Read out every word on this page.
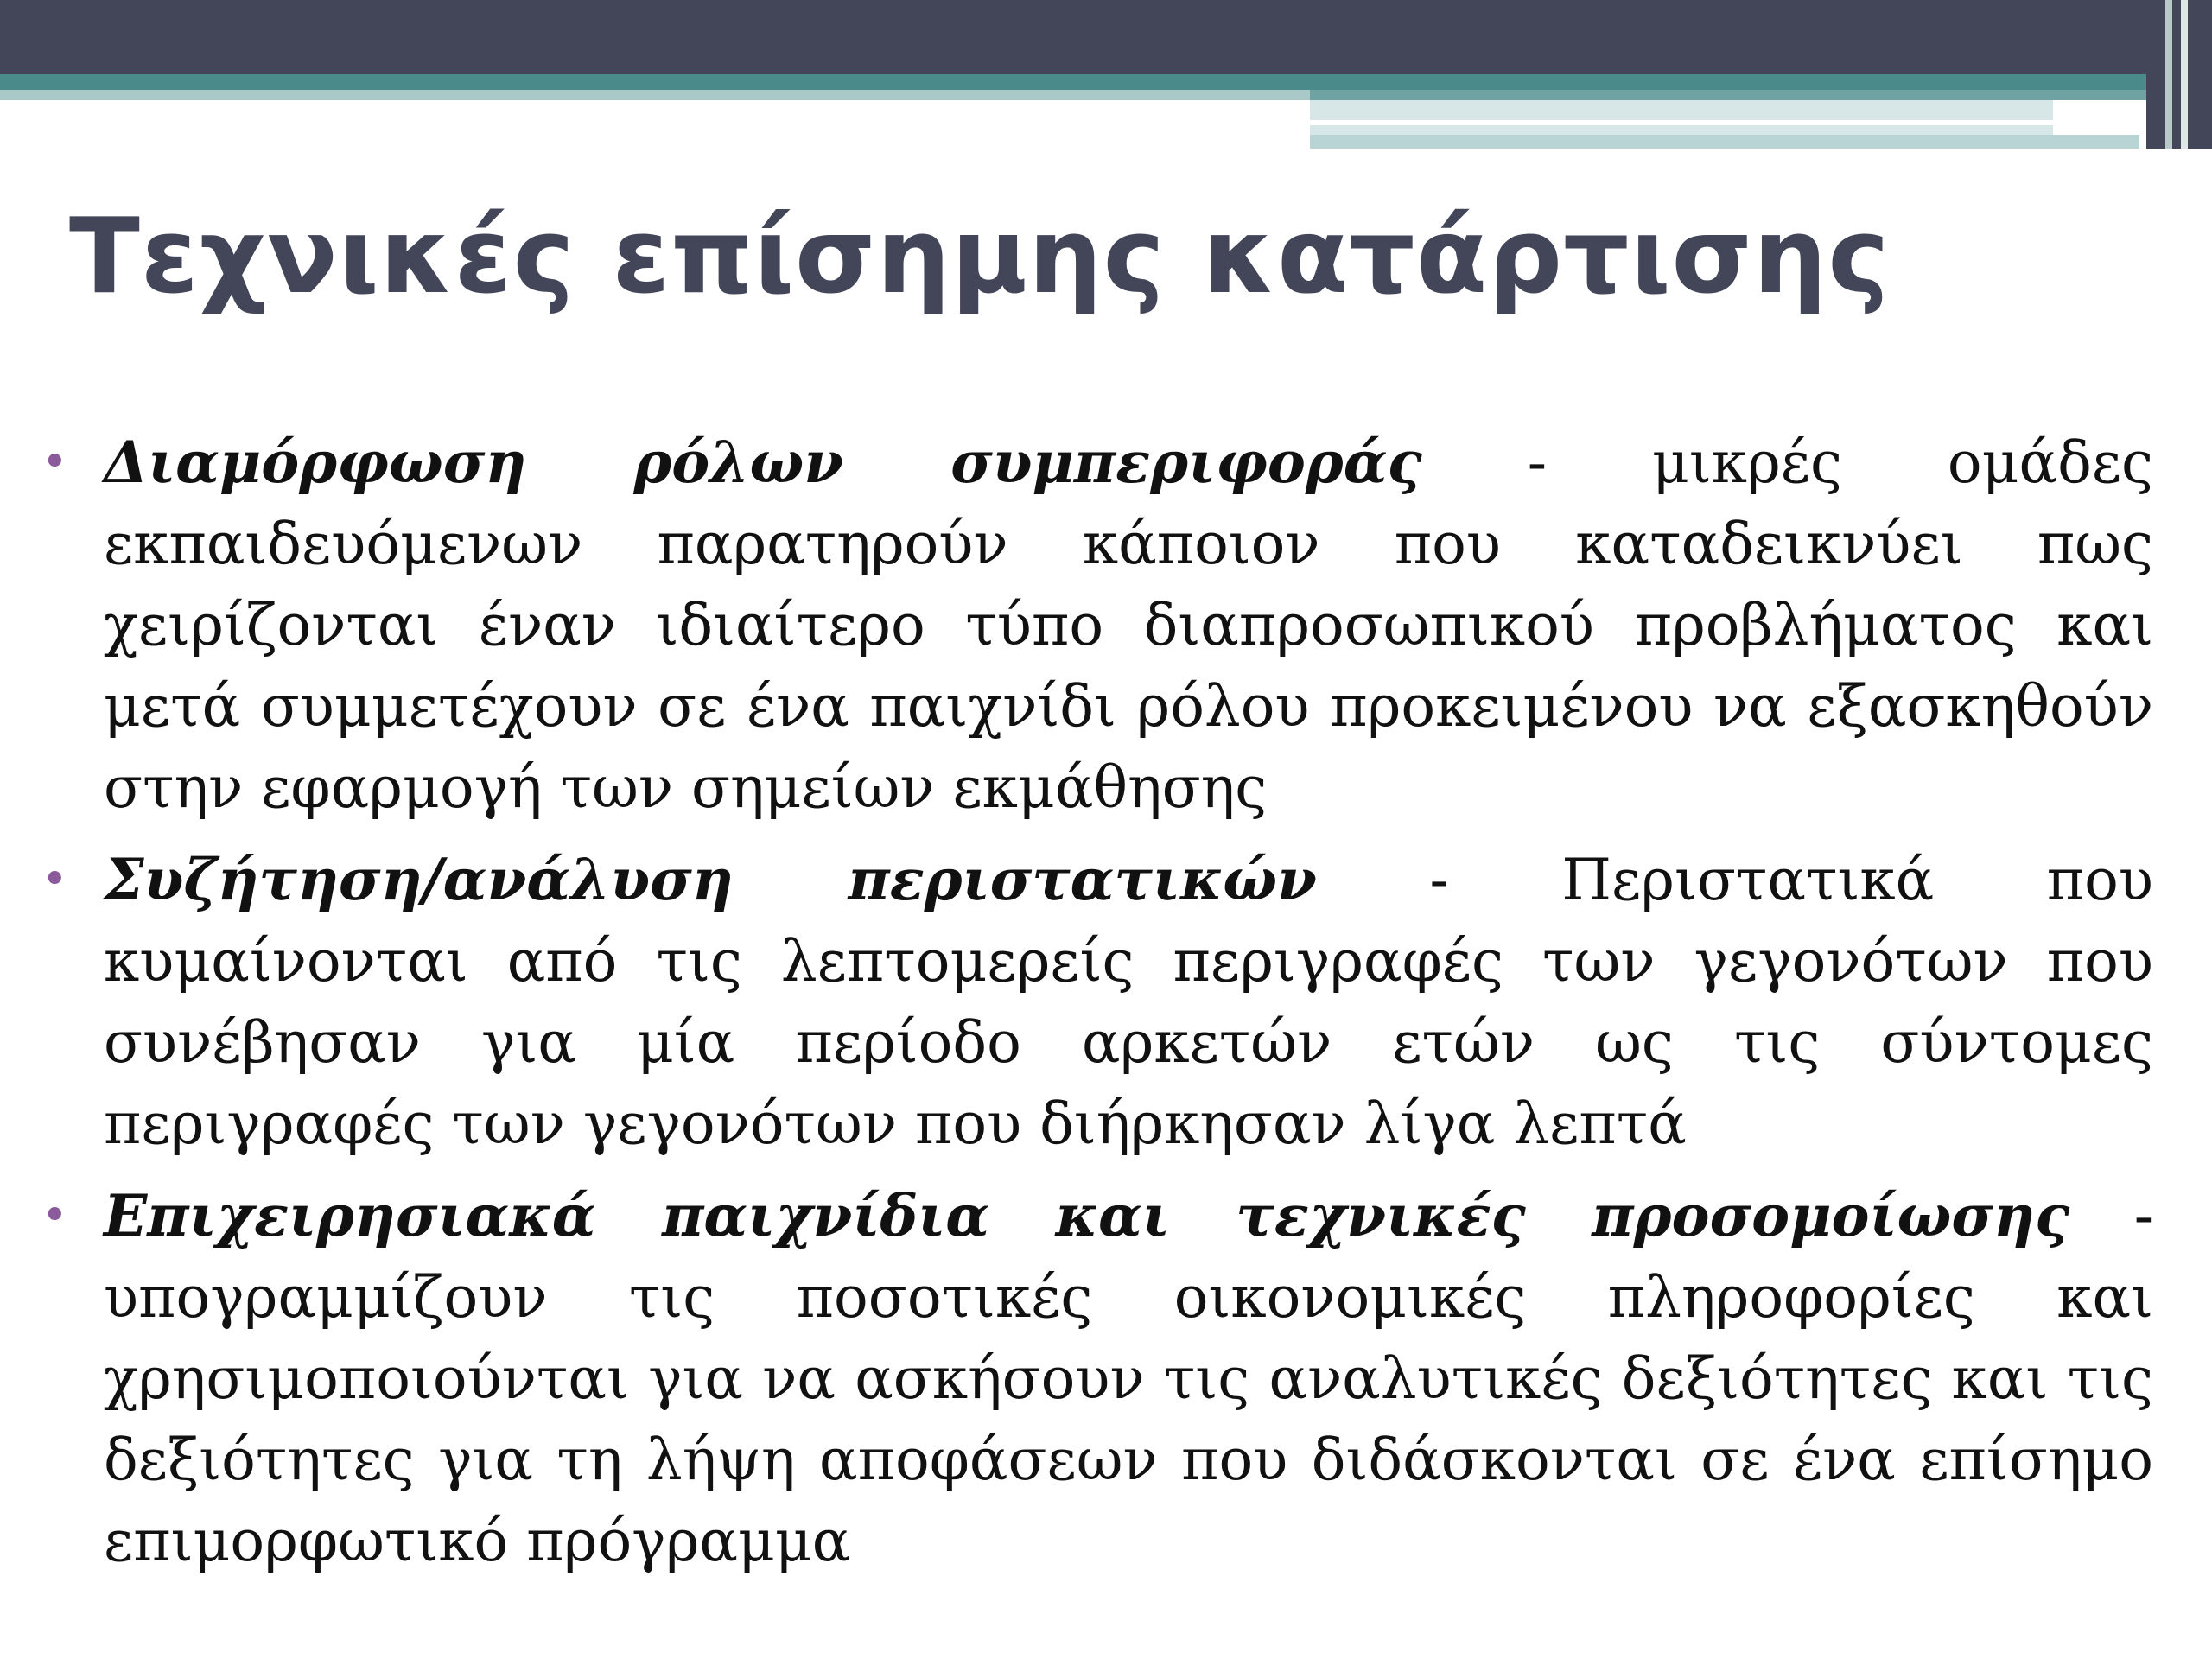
Τεχνικές επίσημης κατάρτισης
• Διαμόρφωση ρόλων συμπεριφοράς - μικρές ομάδες εκπαιδευόμενων παρατηρούν κάποιον που καταδεικνύει πως χειρίζονται έναν ιδιαίτερο τύπο διαπροσωπικού προβλήματος και μετά συμμετέχουν σε ένα παιχνίδι ρόλου προκειμένου να εξασκηθούν στην εφαρμογή των σημείων εκμάθησης
• Συζήτηση/ανάλυση περιστατικών - Περιστατικά που κυμαίνονται από τις λεπτομερείς περιγραφές των γεγονότων που συνέβησαν για μία περίοδο αρκετών ετών ως τις σύντομες περιγραφές των γεγονότων που διήρκησαν λίγα λεπτά
• Επιχειρησιακά παιχνίδια και τεχνικές προσομοίωσης - υπογραμμίζουν τις ποσοτικές οικονομικές πληροφορίες και χρησιμοποιούνται για να ασκήσουν τις αναλυτικές δεξιότητες και τις δεξιότητες για τη λήψη αποφάσεων που διδάσκονται σε ένα επίσημο επιμορφωτικό πρόγραμμα
